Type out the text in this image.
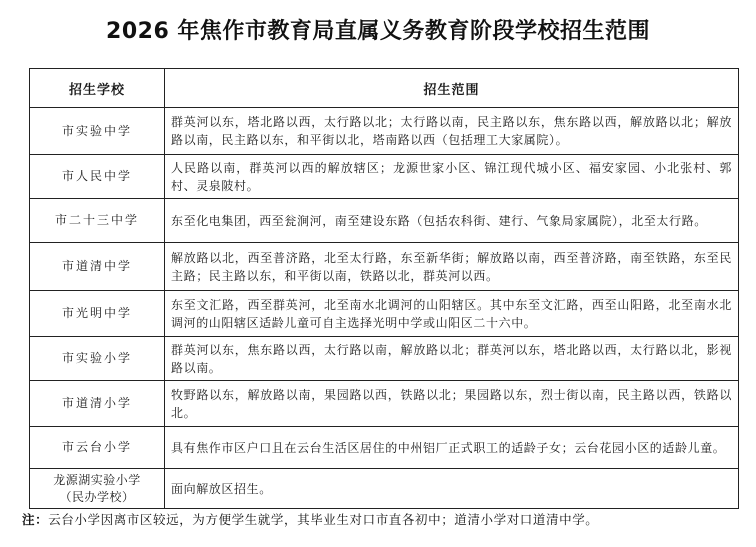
2026 年焦作市教育局直属义务教育阶段学校招生范围
招生学校	招生范围
市实验中学	群英河以东，塔北路以西，太行路以北；太行路以南，民主路以东，焦东路以西，解放路以北；解放路以南，民主路以东，和平街以北，塔南路以西（包括理工大家属院）。
市人民中学	人民路以南，群英河以西的解放辖区；龙源世家小区、锦江现代城小区、福安家园、小北张村、郭村、灵泉陂村。
市二十三中学	东至化电集团，西至瓮涧河，南至建设东路（包括农科街、建行、气象局家属院），北至太行路。
市道清中学	解放路以北，西至普济路，北至太行路，东至新华街；解放路以南，西至普济路，南至铁路，东至民主路；民主路以东，和平街以南，铁路以北，群英河以西。
市光明中学	东至文汇路，西至群英河，北至南水北调河的山阳辖区。其中东至文汇路，西至山阳路，北至南水北调河的山阳辖区适龄儿童可自主选择光明中学或山阳区二十六中。
市实验小学	群英河以东，焦东路以西，太行路以南，解放路以北；群英河以东，塔北路以西，太行路以北，影视路以南。
市道清小学	牧野路以东，解放路以南，果园路以西，铁路以北；果园路以东，烈士街以南，民主路以西，铁路以北。
市云台小学	具有焦作市区户口且在云台生活区居住的中州铝厂正式职工的适龄子女；云台花园小区的适龄儿童。

龙源湖实验小学
（民办学校）	面向解放区招生。
注：云台小学因离市区较远，为方便学生就学，其毕业生对口市直各初中；道清小学对口道清中学。
